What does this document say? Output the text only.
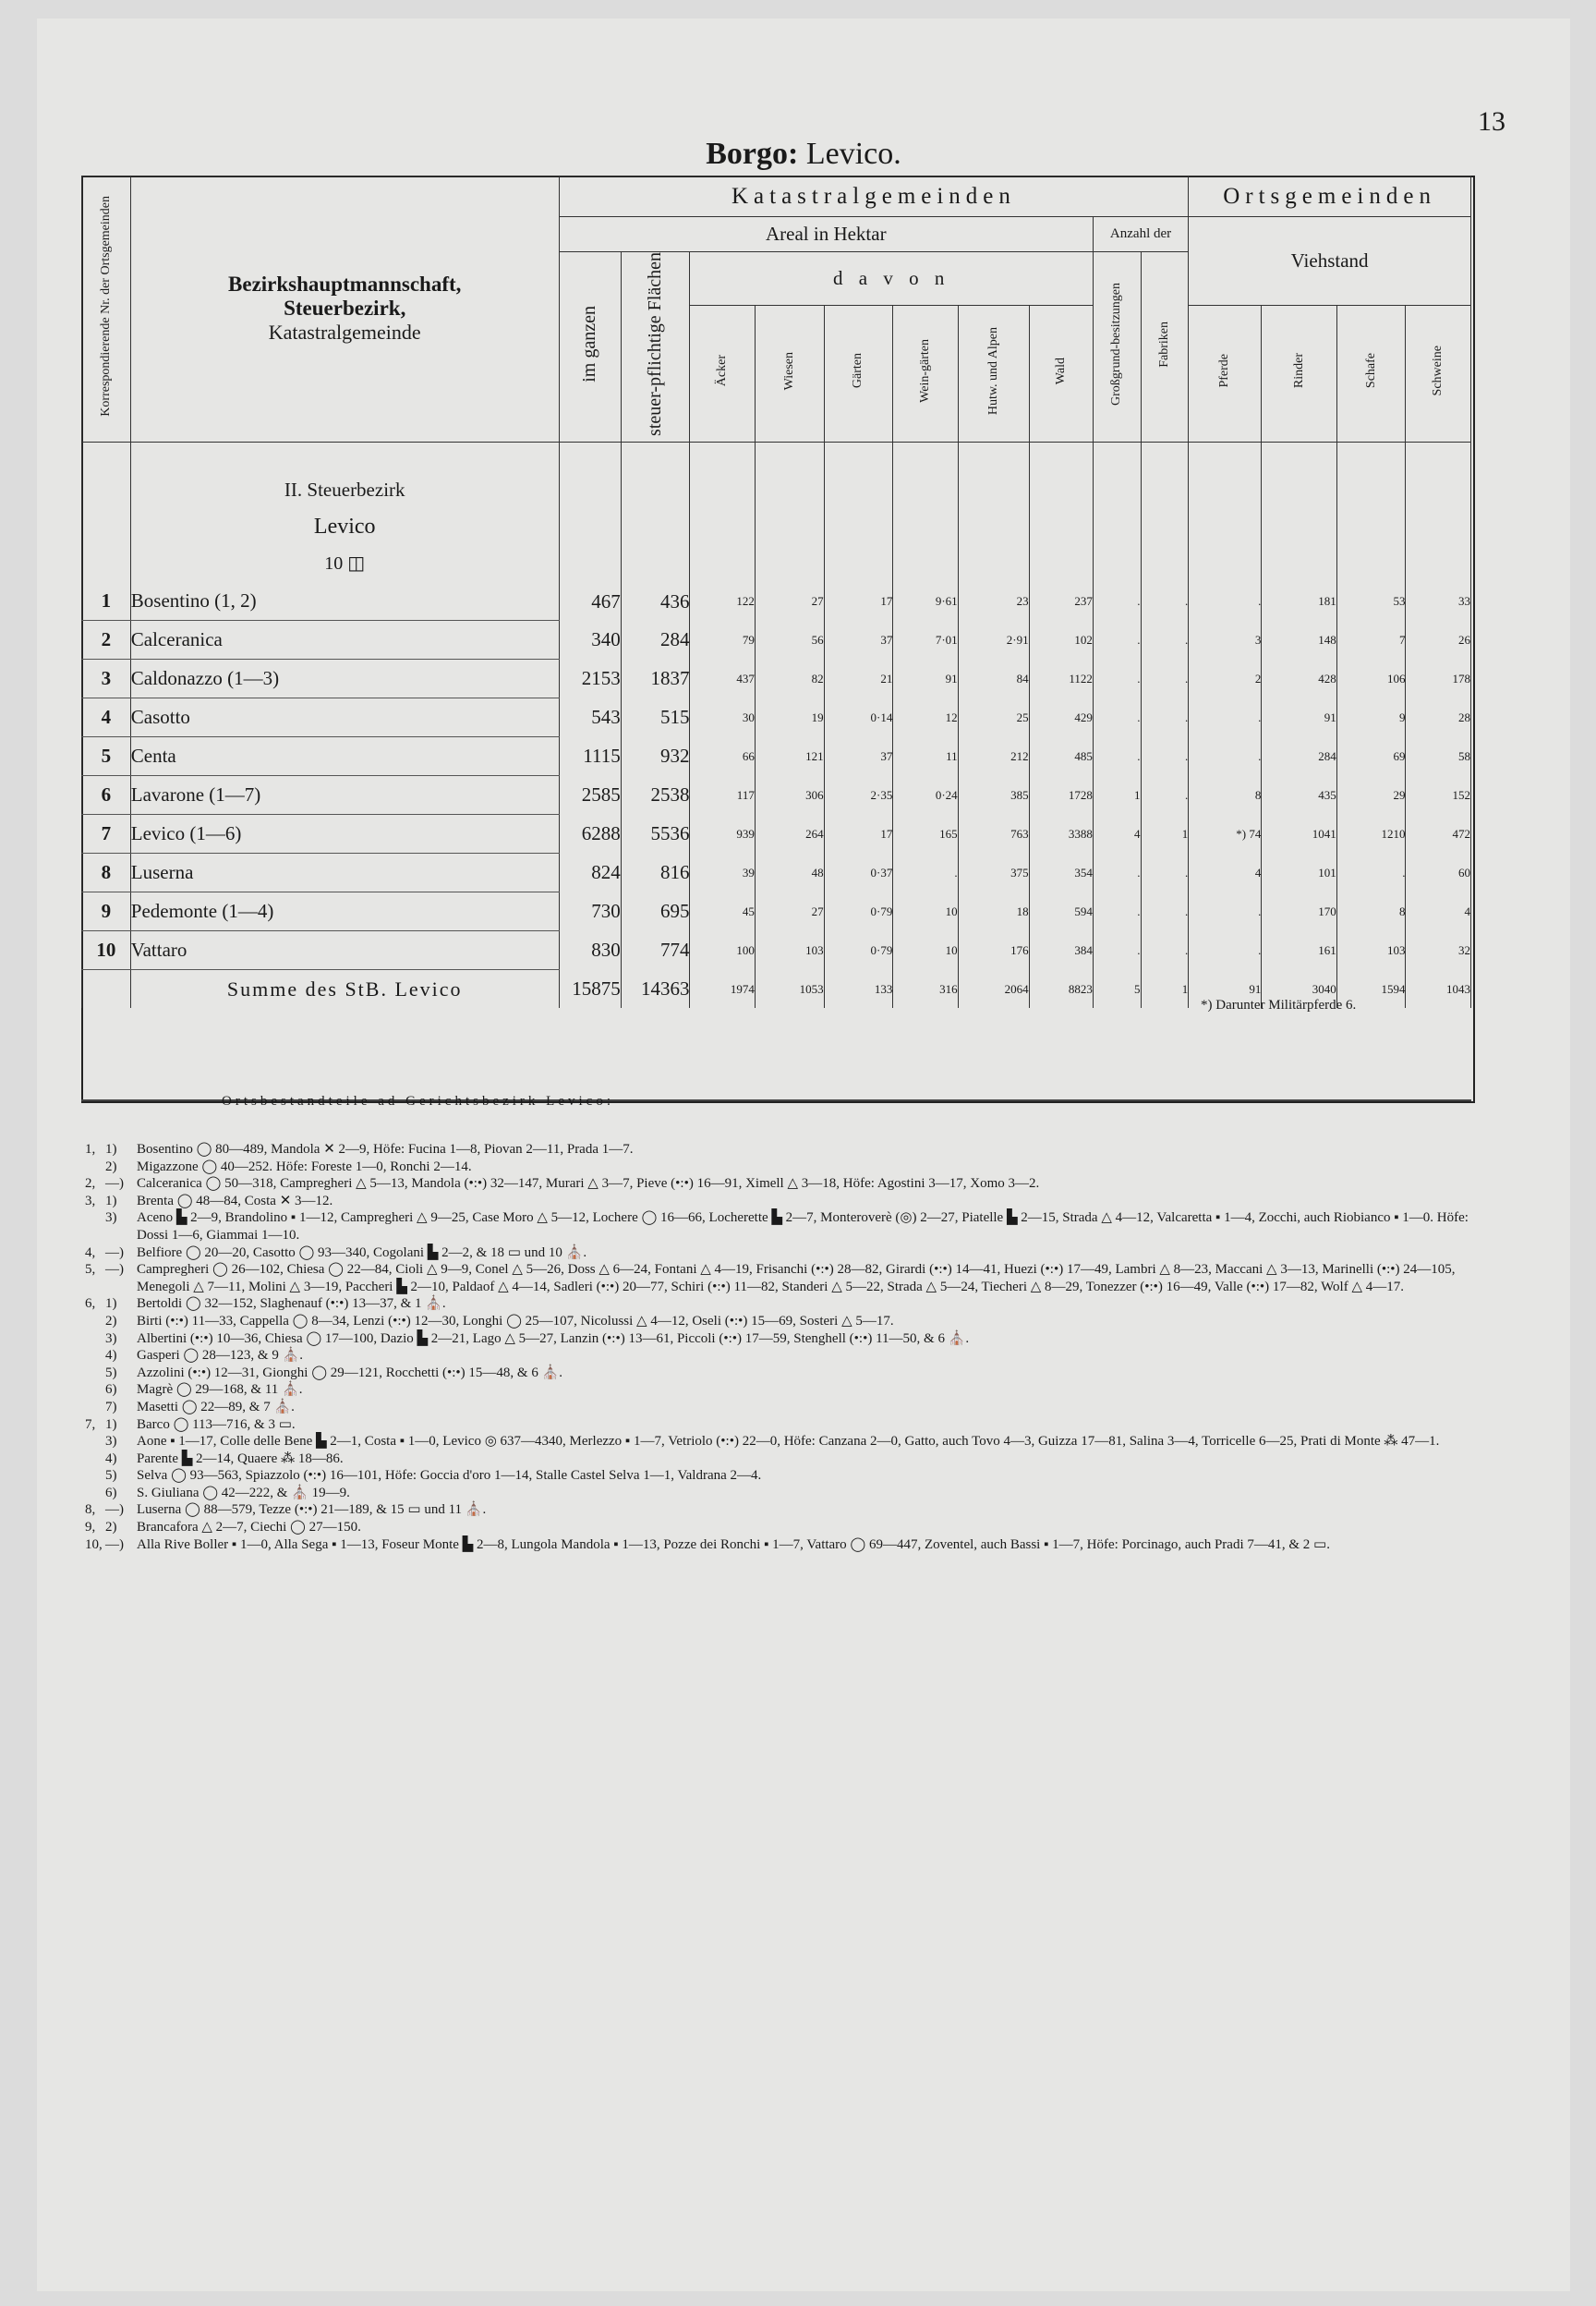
13
Borgo: Levico.
Korrespondierende Nr. der Ortsgemeinden	Bezirkshauptmannschaft,
Steuerbezirk,
Katastralgemeinde	Katastralgemeinden										Ortsgemeinden			
		Areal in Hektar								Anzahl der		Viehstand			
		im ganzen	steuer-pflichtige Flächen	d a v o n						Großgrund-besitzungen	Fabriken				
				Äcker	Wiesen	Gärten	Wein-gärten	Hutw. und Alpen	Wald			Pferde	Rinder	Schafe	Schweine

	II. Steuerbezirk
Levico
10 ◫														

1	Bosentino (1, 2)	467	436	122	27	17	9·61	23	237	.	.	.	181	53	33
2	Calceranica	340	284	79	56	37	7·01	2·91	102	.	.	3	148	7	26
3	Caldonazzo (1—3)	2153	1837	437	82	21	91	84	1122	.	.	2	428	106	178
4	Casotto	543	515	30	19	0·14	12	25	429	.	.	.	91	9	28
5	Centa	1115	932	66	121	37	11	212	485	.	.	.	284	69	58
6	Lavarone (1—7)	2585	2538	117	306	2·35	0·24	385	1728	1	.	8	435	29	152
7	Levico (1—6)	6288	5536	939	264	17	165	763	3388	4	1	*) 74	1041	1210	472
8	Luserna	824	816	39	48	0·37	.	375	354	.	.	4	101	.	60
9	Pedemonte (1—4)	730	695	45	27	0·79	10	18	594	.	.	.	170	8	4
10	Vattaro	830	774	100	103	0·79	10	176	384	.	.	.	161	103	32
	Summe des StB. Levico	15875	14363	1974	1053	133	316	2064	8823	5	1	91	3040	1594	1043
*) Darunter Militärpferde 6.
Ortsbestandteile ad Gerichtsbezirk Levico:
1, 1)	Bosentino ◯ 80—489, Mandola ✕ 2—9, Höfe: Fucina 1—8, Piovan 2—11, Prada 1—7.
2)	Migazzone ◯ 40—252. Höfe: Foreste 1—0, Ronchi 2—14.
2, —) Calceranica ◯ 50—318, Campregheri △ 5—13, Mandola (•:•) 32—147, Murari △ 3—7, Pieve (•:•) 16—91, Ximell △ 3—18, Höfe: Agostini 3—17, Xomo 3—2.
3, 1)	Brenta ◯ 48—84, Costa ✕ 3—12.
3)	Aceno ▙ 2—9, Brandolino ▪ 1—12, Campregheri △ 9—25, Case Moro △ 5—12, Lochere ◯ 16—66, Locherette ▙ 2—7, Monteroverè (◎) 2—27, Piatelle ▙ 2—15, Strada △ 4—12, Valcaretta ▪ 1—4, Zocchi, auch Riobianco ▪ 1—0. Höfe: Dossi 1—6, Giammai 1—10.
4, —) Belfiore ◯ 20—20, Casotto ◯ 93—340, Cogolani ▙ 2—2, & 18 ▭ und 10 ⛪.
5, —) Campregheri ◯ 26—102, Chiesa ◯ 22—84, Cioli △ 9—9, Conel △ 5—26, Doss △ 6—24, Fontani △ 4—19, Frisanchi (•:•) 28—82, Girardi (•:•) 14—41, Huezi (•:•) 17—49, Lambri △ 8—23, Maccani △ 3—13, Marinelli (•:•) 24—105, Menegoli △ 7—11, Molini △ 3—19, Paccheri ▙ 2—10, Paldaof △ 4—14, Sadleri (•:•) 20—77, Schiri (•:•) 11—82, Standeri △ 5—22, Strada △ 5—24, Tiecheri △ 8—29, Tonezzer (•:•) 16—49, Valle (•:•) 17—82, Wolf △ 4—17.
6, 1)	Bertoldi ◯ 32—152, Slaghenauf (•:•) 13—37, & 1 ⛪.
2)	Birti (•:•) 11—33, Cappella ◯ 8—34, Lenzi (•:•) 12—30, Longhi ◯ 25—107, Nicolussi △ 4—12, Oseli (•:•) 15—69, Sosteri △ 5—17.
3)	Albertini (•:•) 10—36, Chiesa ◯ 17—100, Dazio ▙ 2—21, Lago △ 5—27, Lanzin (•:•) 13—61, Piccoli (•:•) 17—59, Stenghell (•:•) 11—50, & 6 ⛪.
4)	Gasperi ◯ 28—123, & 9 ⛪.
5)	Azzolini (•:•) 12—31, Gionghi ◯ 29—121, Rocchetti (•:•) 15—48, & 6 ⛪.
6)	Magrè ◯ 29—168, & 11 ⛪.
7)	Masetti ◯ 22—89, & 7 ⛪.
7, 1)	Barco ◯ 113—716, & 3 ▭.
3)	Aone ▪ 1—17, Colle delle Bene ▙ 2—1, Costa ▪ 1—0, Levico ◎ 637—4340, Merlezzo ▪ 1—7, Vetriolo (•:•) 22—0, Höfe: Canzana 2—0, Gatto, auch Tovo 4—3, Guizza 17—81, Salina 3—4, Torricelle 6—25, Prati di Monte ⁂ 47—1.
4)	Parente ▙ 2—14, Quaere ⁂ 18—86.
5)	Selva ◯ 93—563, Spiazzolo (•:•) 16—101, Höfe: Goccia d'oro 1—14, Stalle Castel Selva 1—1, Valdrana 2—4.
6)	S. Giuliana ◯ 42—222, & ⛪ 19—9.
8, —) Luserna ◯ 88—579, Tezze (•:•) 21—189, & 15 ▭ und 11 ⛪.
9, 2)	Brancafora △ 2—7, Ciechi ◯ 27—150.
10, —) Alla Rive Boller ▪ 1—0, Alla Sega ▪ 1—13, Foseur Monte ▙ 2—8, Lungola Mandola ▪ 1—13, Pozze dei Ronchi ▪ 1—7, Vattaro ◯ 69—447, Zoventel, auch Bassi ▪ 1—7, Höfe: Porcinago, auch Pradi 7—41, & 2 ▭.
